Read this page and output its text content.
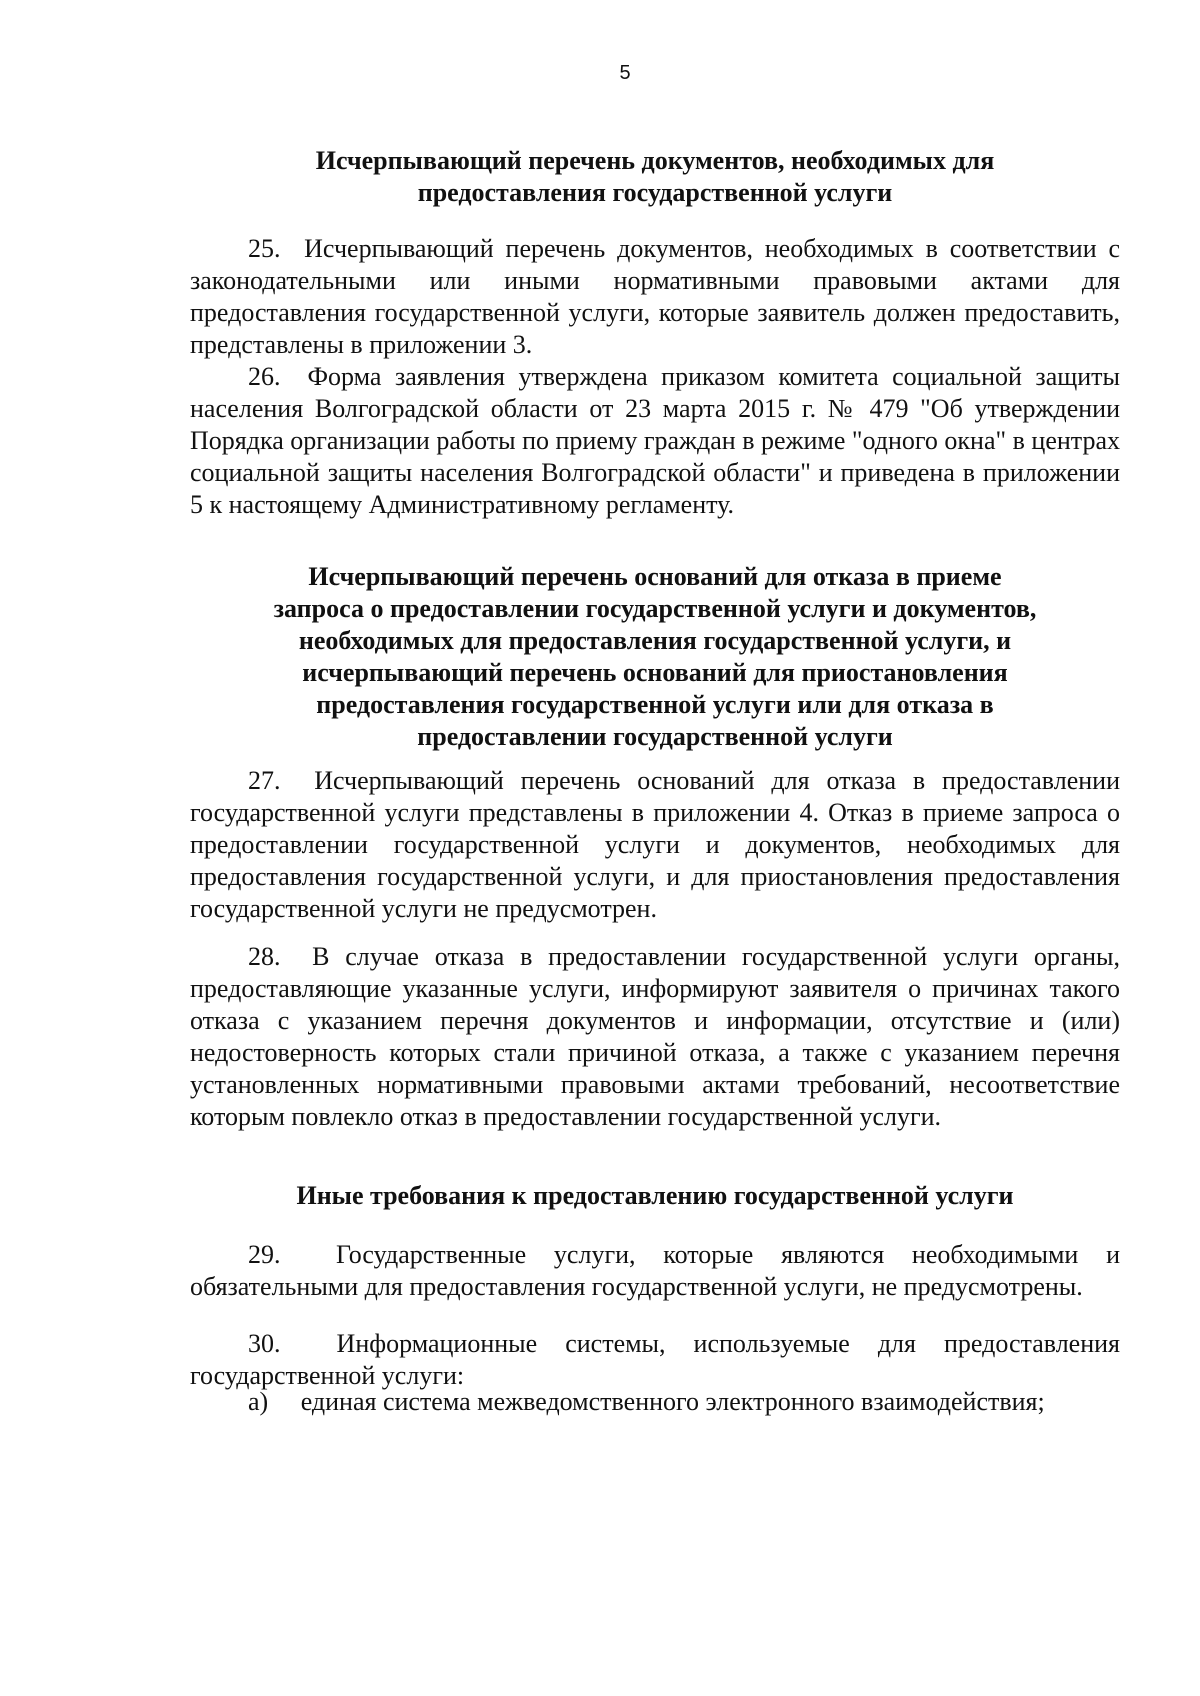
5

Исчерпывающий перечень документов, необходимых для

предоставления государственной услуги

25.  Исчерпывающий перечень документов, необходимых в соответствии с законодательными или иными нормативными правовыми актами для предоставления государственной услуги, которые заявитель должен предоставить, представлены в приложении 3.

26.  Форма заявления утверждена приказом комитета социальной защиты населения Волгоградской области от 23 марта 2015 г. № 479 "Об утверждении Порядка организации работы по приему граждан в режиме "одного окна" в центрах социальной защиты населения Волгоградской области" и приведена в приложении 5 к настоящему Административному регламенту.

Исчерпывающий перечень оснований для отказа в приеме

запроса о предоставлении государственной услуги и документов,

необходимых для предоставления государственной услуги, и

исчерпывающий перечень оснований для приостановления

предоставления государственной услуги или для отказа в

предоставлении государственной услуги

27.  Исчерпывающий перечень оснований для отказа в предоставлении государственной услуги представлены в приложении 4. Отказ в приеме запроса о предоставлении государственной услуги и документов, необходимых для предоставления государственной услуги, и для приостановления предоставления государственной услуги не предусмотрен.

28.  В случае отказа в предоставлении государственной услуги органы, предоставляющие указанные услуги, информируют заявителя о причинах такого отказа с указанием перечня документов и информации, отсутствие и (или) недостоверность которых стали причиной отказа, а также с указанием перечня установленных нормативными правовыми актами требований, несоответствие которым повлекло отказ в предоставлении государственной услуги.

Иные требования к предоставлению государственной услуги

29.  Государственные услуги, которые являются необходимыми и обязательными для предоставления государственной услуги, не предусмотрены.

30.  Информационные системы, используемые для предоставления государственной услуги:

а)     единая система межведомственного электронного взаимодействия;
